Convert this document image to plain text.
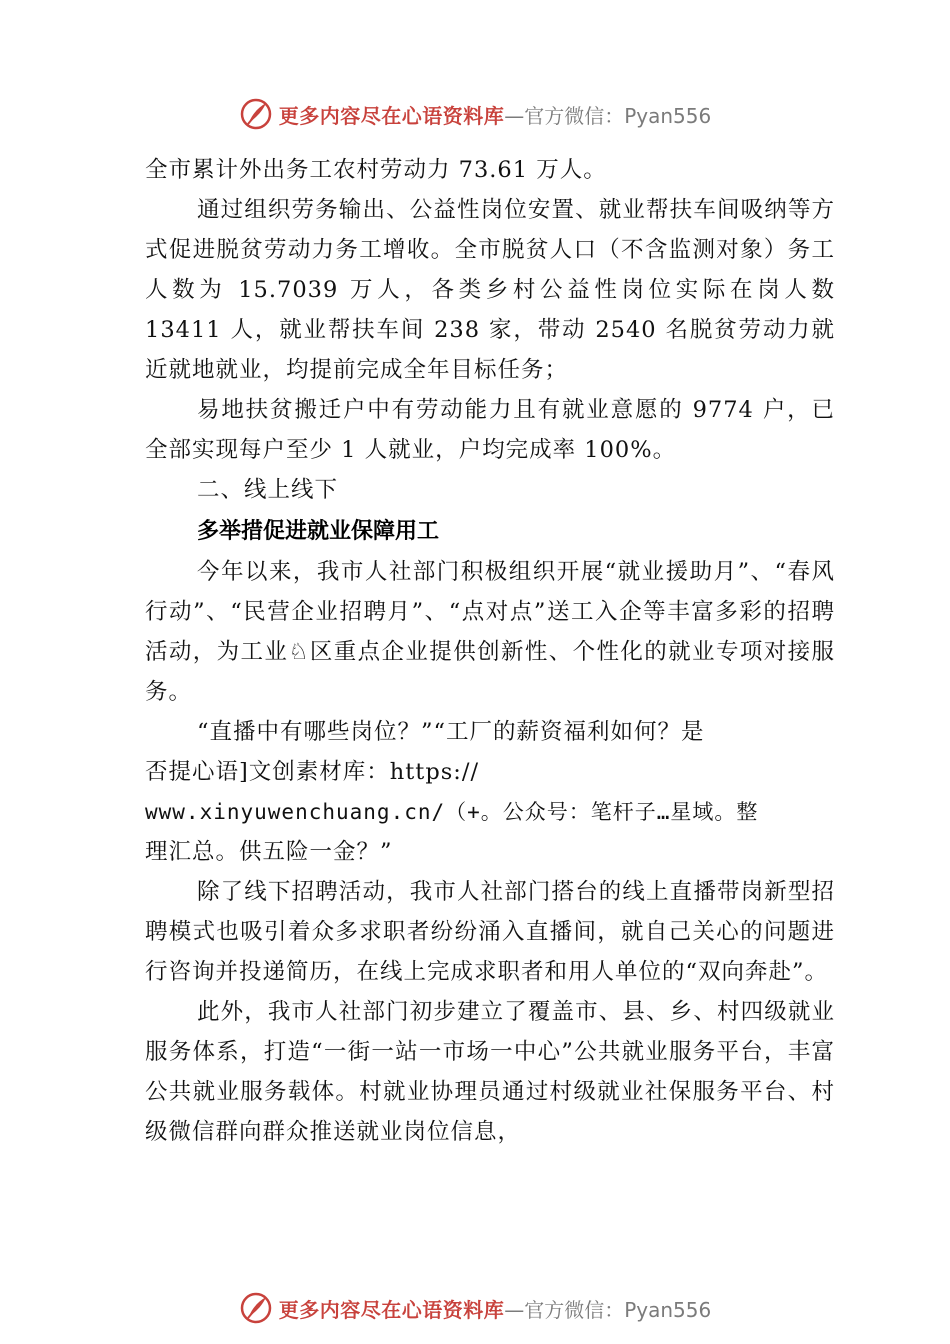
更多内容尽在心语资料库 —官方微信：Pyan556

全市累计外出务工农村劳动力 73.61 万人。

通过组织劳务输出、公益性岗位安置、就业帮扶车间吸纳等方式促进脱贫劳动力务工增收。全市脱贫人口（不含监测对象）务工人数为 15.7039 万人，各类乡村公益性岗位实际在岗人数 13411 人，就业帮扶车间 238 家，带动 2540 名脱贫劳动力就近就地就业，均提前完成全年目标任务；

易地扶贫搬迁户中有劳动能力且有就业意愿的 9774 户，已全部实现每户至少 1 人就业，户均完成率 100%。

二、线上线下

多举措促进就业保障用工

今年以来，我市人社部门积极组织开展“就业援助月”、“春风行动”、“民营企业招聘月”、“点对点”送工入企等丰富多彩的招聘活动，为工业♘区重点企业提供创新性、个性化的就业专项对接服务。

“直播中有哪些岗位？”“工厂的薪资福利如何？是

否提心语]文创素材库：https://

www.xinyuwenchuang.cn/（+。公众号：笔杆子…星域。整

理汇总。供五险一金？”

除了线下招聘活动，我市人社部门搭台的线上直播带岗新型招聘模式也吸引着众多求职者纷纷涌入直播间，就自己关心的问题进行咨询并投递简历，在线上完成求职者和用人单位的“双向奔赴”。

此外，我市人社部门初步建立了覆盖市、县、乡、村四级就业服务体系，打造“一街一站一市场一中心”公共就业服务平台，丰富公共就业服务载体。村就业协理员通过村级就业社保服务平台、村级微信群向群众推送就业岗位信息，

更多内容尽在心语资料库 —官方微信：Pyan556
